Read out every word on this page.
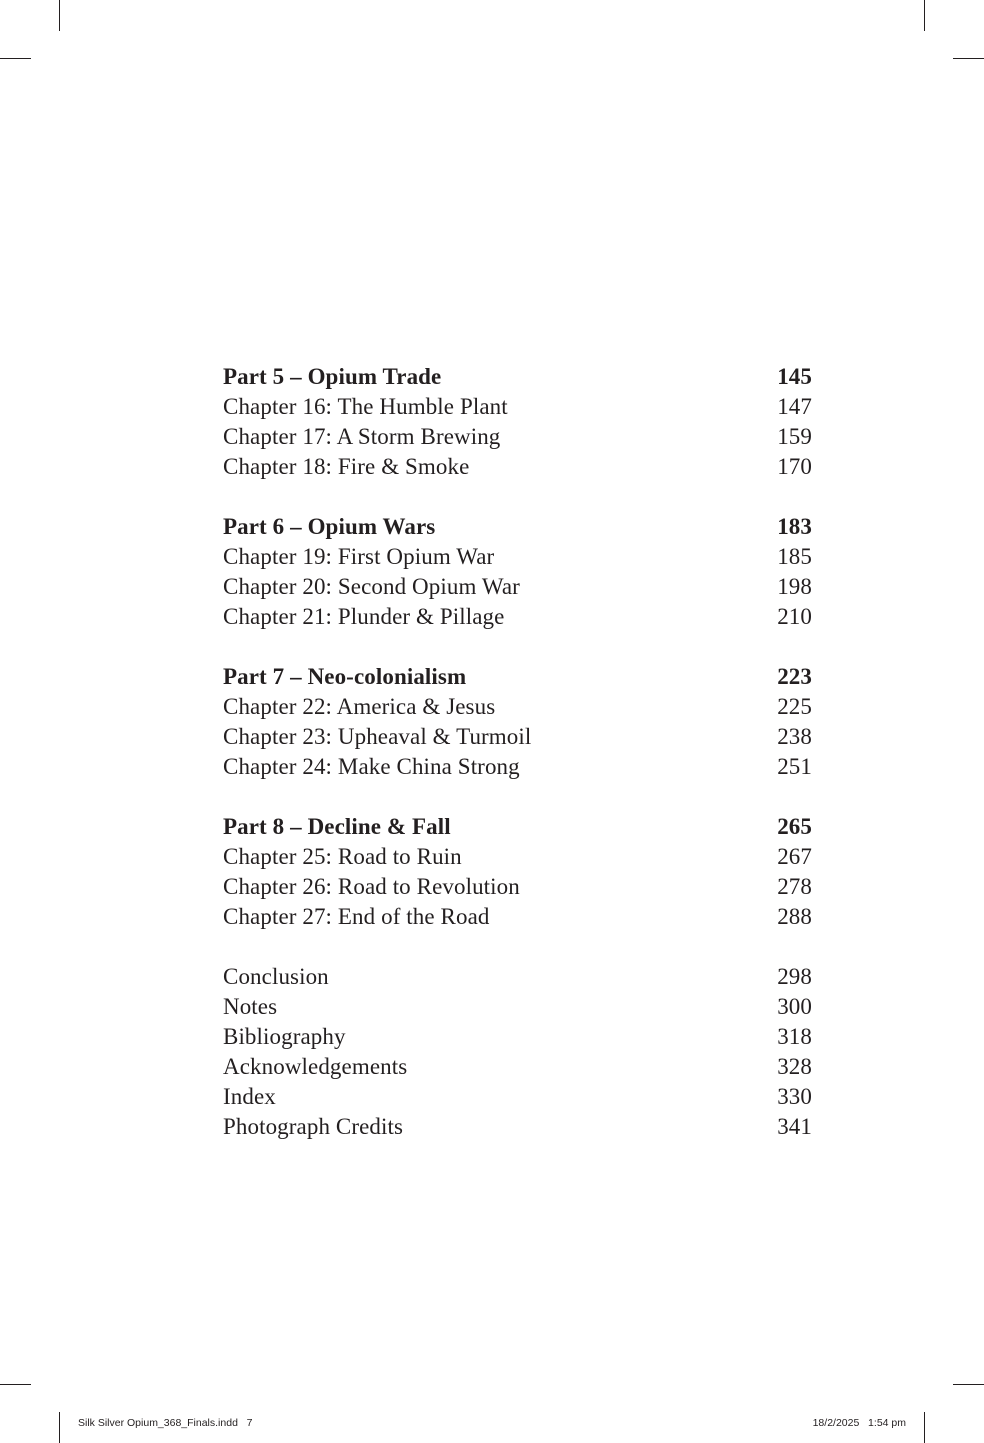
Part 5 – Opium Trade	145
Chapter 16: The Humble Plant	147
Chapter 17: A Storm Brewing	159
Chapter 18: Fire & Smoke	170
Part 6 – Opium Wars	183
Chapter 19: First Opium War	185
Chapter 20: Second Opium War	198
Chapter 21: Plunder & Pillage	210
Part 7 – Neo-colonialism	223
Chapter 22: America & Jesus	225
Chapter 23: Upheaval & Turmoil	238
Chapter 24: Make China Strong	251
Part 8 – Decline & Fall	265
Chapter 25: Road to Ruin	267
Chapter 26: Road to Revolution	278
Chapter 27: End of the Road	288
Conclusion	298
Notes	300
Bibliography	318
Acknowledgements	328
Index	330
Photograph Credits	341
Silk Silver Opium_368_Finals.indd   7	18/2/2025   1:54 pm
